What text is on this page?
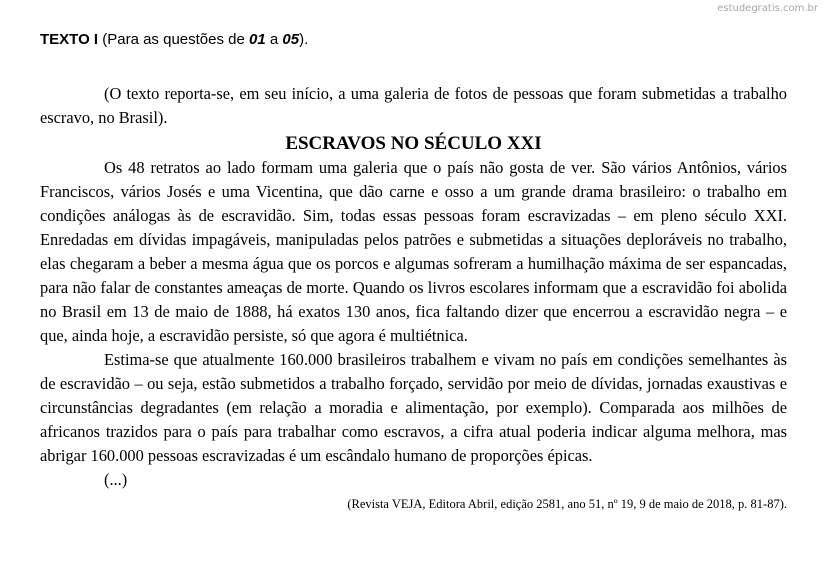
estudegratis.com.br
TEXTO I (Para as questões de 01 a 05).

(O texto reporta-se, em seu início, a uma galeria de fotos de pessoas que foram submetidas a trabalho escravo, no Brasil).

ESCRAVOS NO SÉCULO XXI

Os 48 retratos ao lado formam uma galeria que o país não gosta de ver. São vários Antônios, vários Franciscos, vários Josés e uma Vicentina, que dão carne e osso a um grande drama brasileiro: o trabalho em condições análogas às de escravidão. Sim, todas essas pessoas foram escravizadas – em pleno século XXI. Enredadas em dívidas impagáveis, manipuladas pelos patrões e submetidas a situações deploráveis no trabalho, elas chegaram a beber a mesma água que os porcos e algumas sofreram a humilhação máxima de ser espancadas, para não falar de constantes ameaças de morte. Quando os livros escolares informam que a escravidão foi abolida no Brasil em 13 de maio de 1888, há exatos 130 anos, fica faltando dizer que encerrou a escravidão negra – e que, ainda hoje, a escravidão persiste, só que agora é multiétnica.

Estima-se que atualmente 160.000 brasileiros trabalhem e vivam no país em condições semelhantes às de escravidão – ou seja, estão submetidos a trabalho forçado, servidão por meio de dívidas, jornadas exaustivas e circunstâncias degradantes (em relação a moradia e alimentação, por exemplo). Comparada aos milhões de africanos trazidos para o país para trabalhar como escravos, a cifra atual poderia indicar alguma melhora, mas abrigar 160.000 pessoas escravizadas é um escândalo humano de proporções épicas.

(...)

(Revista VEJA, Editora Abril, edição 2581, ano 51, nº 19, 9 de maio de 2018, p. 81-87).
